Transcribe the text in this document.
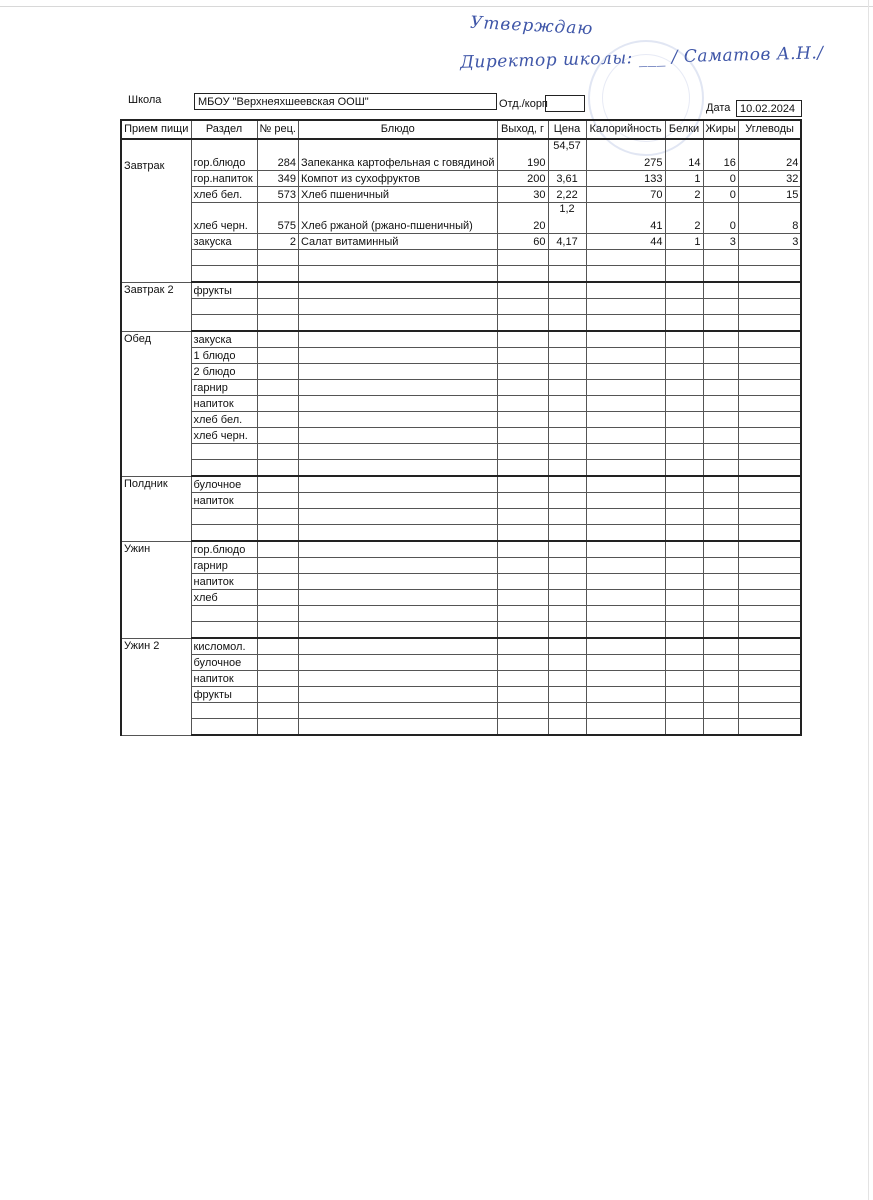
Утверждаю
Директор школы: ___ / Саматов А.Н./
Школа	МБОУ "Верхнеяхшеевская ООШ"	Отд./корп	Дата 10.02.2024
Прием пищи	Раздел	№ рец.	Блюдо	Выход, г	Цена	Калорийность	Белки	Жиры	Углеводы
Завтрак	гор.блюдо	284	Запеканка картофельная с говядиной	190	54,57	275	14	16	24
	гор.напиток	349	Компот из сухофруктов	200	3,61	133	1	0	32
	хлеб бел.	573	Хлеб пшеничный	30	2,22	70	2	0	15
	хлеб черн.	575	Хлеб ржаной (ржано-пшеничный)	20	1,2	41	2	0	8
	закуска	2	Салат витаминный	60	4,17	44	1	3	3

Завтрак 2	фрукты								

Обед	закуска								
	1 блюдо								
	2 блюдо								
	гарнир								
	напиток								
	хлеб бел.								
	хлеб черн.								

Полдник	булочное								
	напиток								

Ужин	гор.блюдо								
	гарнир								
	напиток								
	хлеб								

Ужин 2	кисломол.								
	булочное								
	напиток								
	фрукты								
